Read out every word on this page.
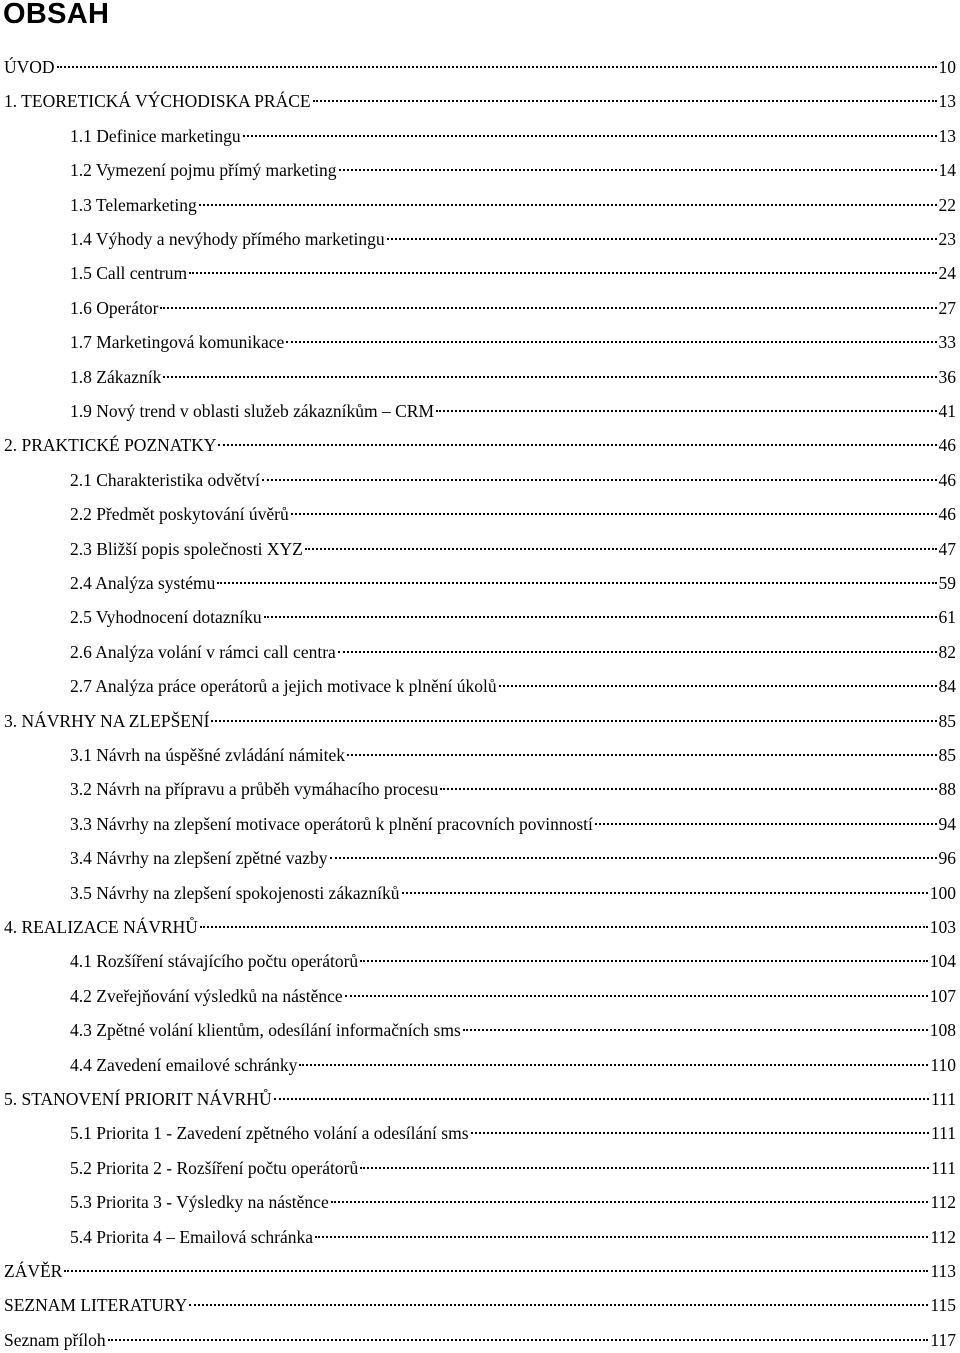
OBSAH
ÚVOD	10
1. TEORETICKÁ VÝCHODISKA PRÁCE	13
1.1 Definice marketingu	13
1.2 Vymezení pojmu přímý marketing	14
1.3 Telemarketing	22
1.4 Výhody a nevýhody přímého marketingu	23
1.5 Call centrum	24
1.6 Operátor	27
1.7 Marketingová komunikace	33
1.8 Zákazník	36
1.9 Nový trend v oblasti služeb zákazníkům – CRM	41
2. PRAKTICKÉ POZNATKY	46
2.1 Charakteristika odvětví	46
2.2 Předmět poskytování úvěrů	46
2.3 Bližší popis společnosti XYZ	47
2.4 Analýza systému	59
2.5 Vyhodnocení dotazníku	61
2.6 Analýza volání v rámci call centra	82
2.7 Analýza práce operátorů a jejich motivace k plnění úkolů	84
3. NÁVRHY NA ZLEPŠENÍ	85
3.1 Návrh na úspěšné zvládání námitek	85
3.2 Návrh na přípravu a průběh vymáhacího procesu	88
3.3 Návrhy na zlepšení motivace operátorů k plnění pracovních povinností	94
3.4 Návrhy na zlepšení zpětné vazby	96
3.5 Návrhy na zlepšení spokojenosti zákazníků	100
4. REALIZACE NÁVRHŮ	103
4.1 Rozšíření stávajícího počtu operátorů	104
4.2 Zveřejňování výsledků na nástěnce	107
4.3 Zpětné volání klientům, odesílání informačních sms	108
4.4 Zavedení emailové schránky	110
5. STANOVENÍ PRIORIT NÁVRHŮ	111
5.1 Priorita 1 - Zavedení zpětného volání a odesílání sms	111
5.2 Priorita 2 - Rozšíření počtu operátorů	111
5.3 Priorita 3 - Výsledky na nástěnce	112
5.4 Priorita 4 – Emailová schránka	112
ZÁVĚR	113
SEZNAM LITERATURY	115
Seznam příloh	117
